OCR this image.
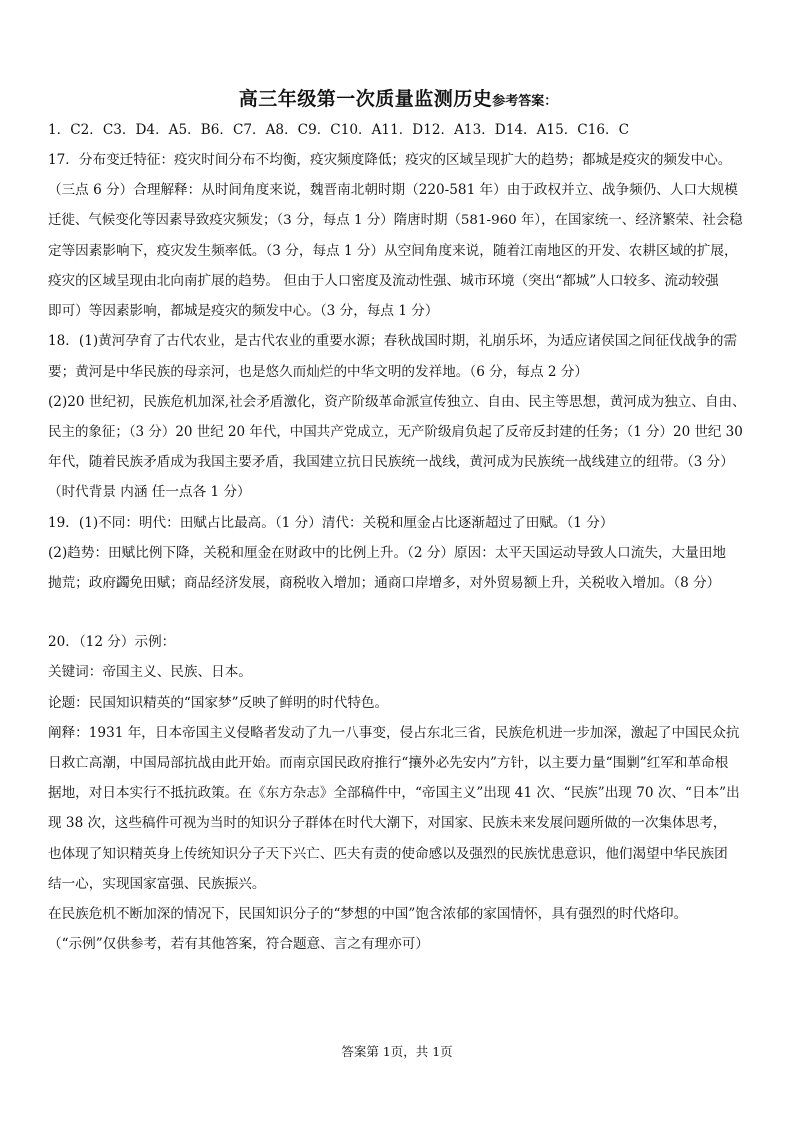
高三年级第一次质量监测历史参考答案：

1．C2．C3．D4．A5．B6．C7．A8．C9．C10．A11．D12．A13．D14．A15．C16．C

17．分布变迁特征：疫灾时间分布不均衡，疫灾频度降低；疫灾的区域呈现扩大的趋势；都城是疫灾的频发中心。

（三点 6 分）合理解释：从时间角度来说，魏晋南北朝时期（220-581 年）由于政权并立、战争频仍、人口大规模

迁徙、气候变化等因素导致疫灾频发；（3 分，每点 1 分）隋唐时期（581-960 年），在国家统一、经济繁荣、社会稳

定等因素影响下，疫灾发生频率低。（3 分，每点 1 分）从空间角度来说，随着江南地区的开发、农耕区域的扩展，

疫灾的区域呈现由北向南扩展的趋势。 但由于人口密度及流动性强、城市环境（突出“都城”人口较多、流动较强

即可）等因素影响，都城是疫灾的频发中心。（3 分，每点 1 分）

18．(1)黄河孕育了古代农业，是古代农业的重要水源；春秋战国时期，礼崩乐坏，为适应诸侯国之间征伐战争的需

要；黄河是中华民族的母亲河，也是悠久而灿烂的中华文明的发祥地。（6 分，每点 2 分）

(2)20 世纪初，民族危机加深,社会矛盾激化，资产阶级革命派宣传独立、自由、民主等思想，黄河成为独立、自由、

民主的象征；（3 分）20 世纪 20 年代，中国共产党成立，无产阶级肩负起了反帝反封建的任务；（1 分）20 世纪 30

年代，随着民族矛盾成为我国主要矛盾，我国建立抗日民族统一战线，黄河成为民族统一战线建立的纽带。（3 分）

（时代背景 内涵 任一点各 1 分）

19．(1)不同：明代：田赋占比最高。（1 分）清代：关税和厘金占比逐渐超过了田赋。（1 分）

(2)趋势：田赋比例下降，关税和厘金在财政中的比例上升。（2 分）原因：太平天国运动导致人口流失，大量田地

抛荒；政府蠲免田赋；商品经济发展，商税收入增加；通商口岸增多，对外贸易额上升，关税收入增加。（8 分）

20．（12 分）示例：

关键词：帝国主义、民族、日本。

论题：民国知识精英的“国家梦”反映了鲜明的时代特色。

阐释：1931 年，日本帝国主义侵略者发动了九一八事变，侵占东北三省，民族危机进一步加深，激起了中国民众抗

日救亡高潮，中国局部抗战由此开始。而南京国民政府推行“攘外必先安内”方针，以主要力量“围剿”红军和革命根

据地，对日本实行不抵抗政策。在《东方杂志》全部稿件中，“帝国主义”出现 41 次、“民族”出现 70 次、“日本”出

现 38 次，这些稿件可视为当时的知识分子群体在时代大潮下，对国家、民族未来发展问题所做的一次集体思考，

也体现了知识精英身上传统知识分子天下兴亡、匹夫有责的使命感以及强烈的民族忧患意识，他们渴望中华民族团

结一心，实现国家富强、民族振兴。

在民族危机不断加深的情况下，民国知识分子的“梦想的中国”饱含浓郁的家国情怀，具有强烈的时代烙印。

（“示例”仅供参考，若有其他答案，符合题意、言之有理亦可）

答案第 1页，共 1页
